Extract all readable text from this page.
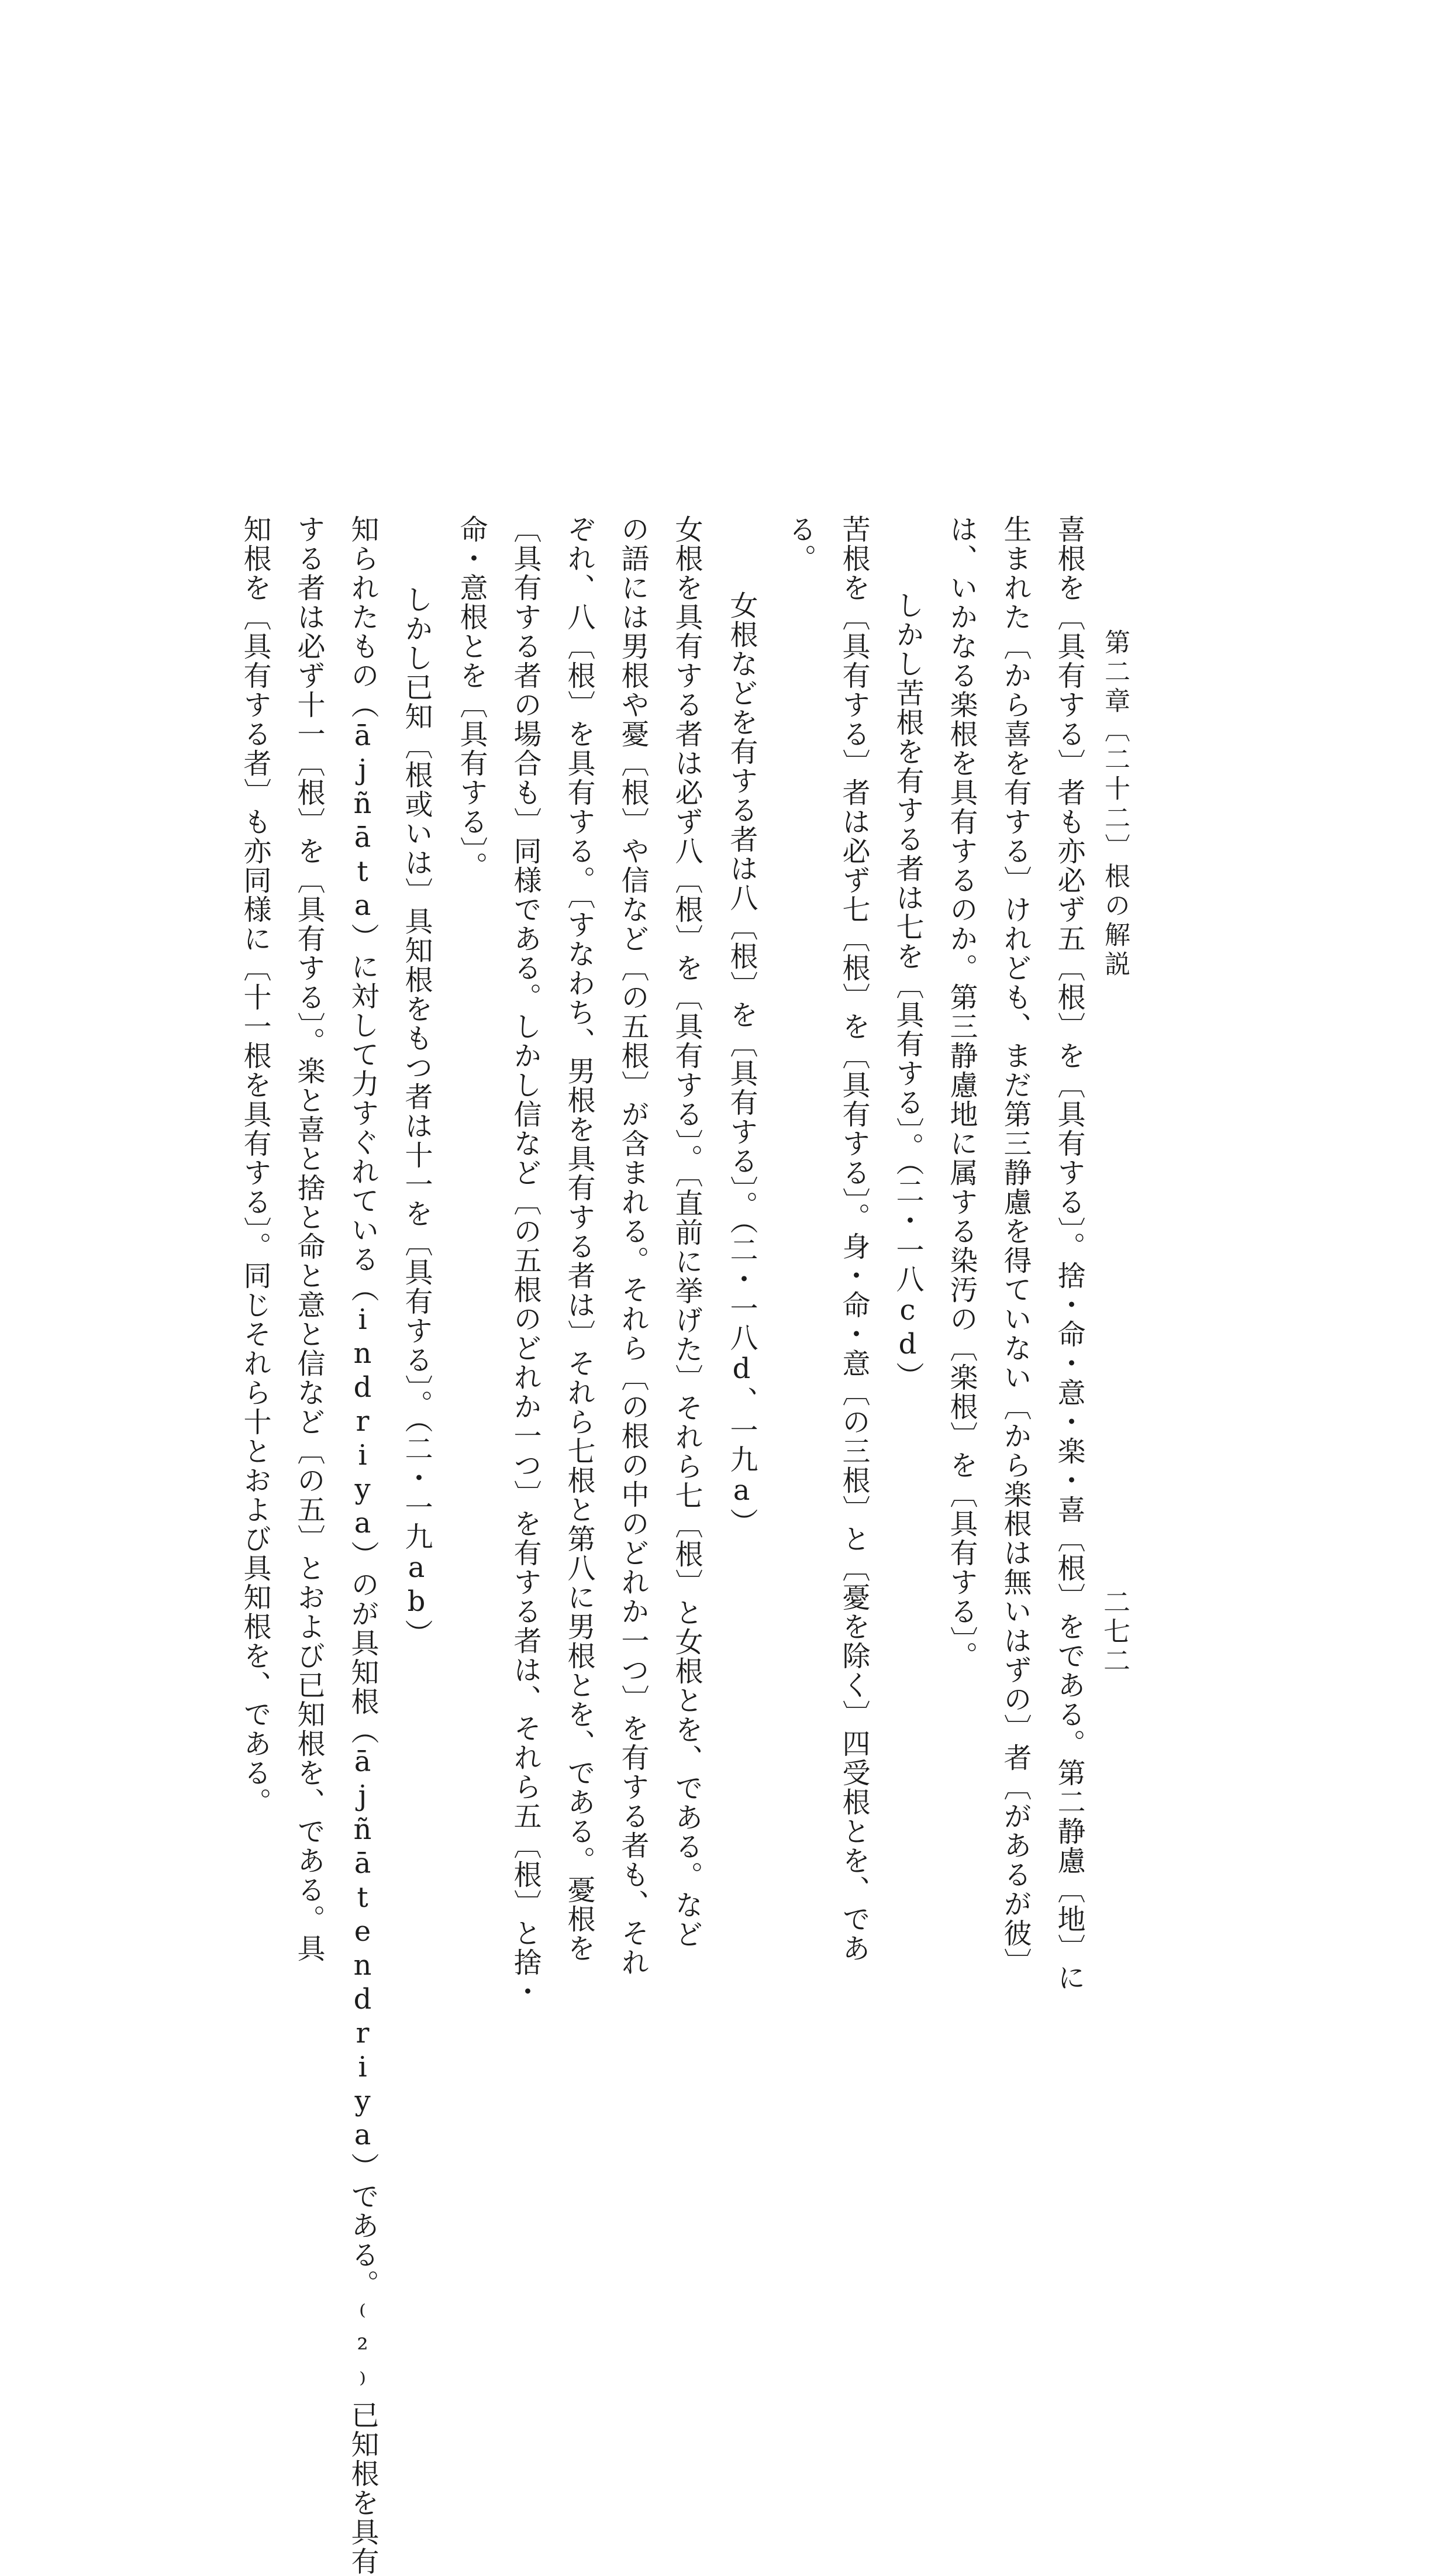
第二章〔二十二〕根の解説
二七二
喜根を〔具有する〕者も亦必ず五〔根〕を〔具有する〕。捨・命・意・楽・喜〔根〕をである。第二静慮〔地〕に
生まれた〔から喜を有する〕けれども、まだ第三静慮を得ていない〔から楽根は無いはずの〕者〔があるが彼〕
は、いかなる楽根を具有するのか。第三静慮地に属する染汚の〔楽根〕を〔具有する〕。
しかし苦根を有する者は七を〔具有する〕。（二・一八cd）
苦根を〔具有する〕者は必ず七〔根〕を〔具有する〕。身・命・意〔の三根〕と〔憂を除く〕四受根とを、であ
る。
女根などを有する者は八〔根〕を〔具有する〕。（二・一八d、一九a）
女根を具有する者は必ず八〔根〕を〔具有する〕。〔直前に挙げた〕それら七〔根〕と女根とを、である。など
の語には男根や憂〔根〕や信など〔の五根〕が含まれる。それら〔の根の中のどれか一つ〕を有する者も、それ
ぞれ、八〔根〕を具有する。〔すなわち、男根を具有する者は〕それら七根と第八に男根とを、である。憂根を
〔具有する者の場合も〕同様である。しかし信など〔の五根のどれか一つ〕を有する者は、それら五〔根〕と捨・
命・意根とを〔具有する〕。
しかし已知〔根或いは〕具知根をもつ者は十一を〔具有する〕。（二・一九ab）
知られたもの（ājñāta）に対して力すぐれている（indriya）のが具知根（ājñātendriya）である。⁽²⁾已知根を具有
する者は必ず十一〔根〕を〔具有する〕。楽と喜と捨と命と意と信など〔の五〕とおよび已知根を、である。具
知根を〔具有する者〕も亦同様に〔十一根を具有する〕。同じそれら十とおよび具知根を、である。
